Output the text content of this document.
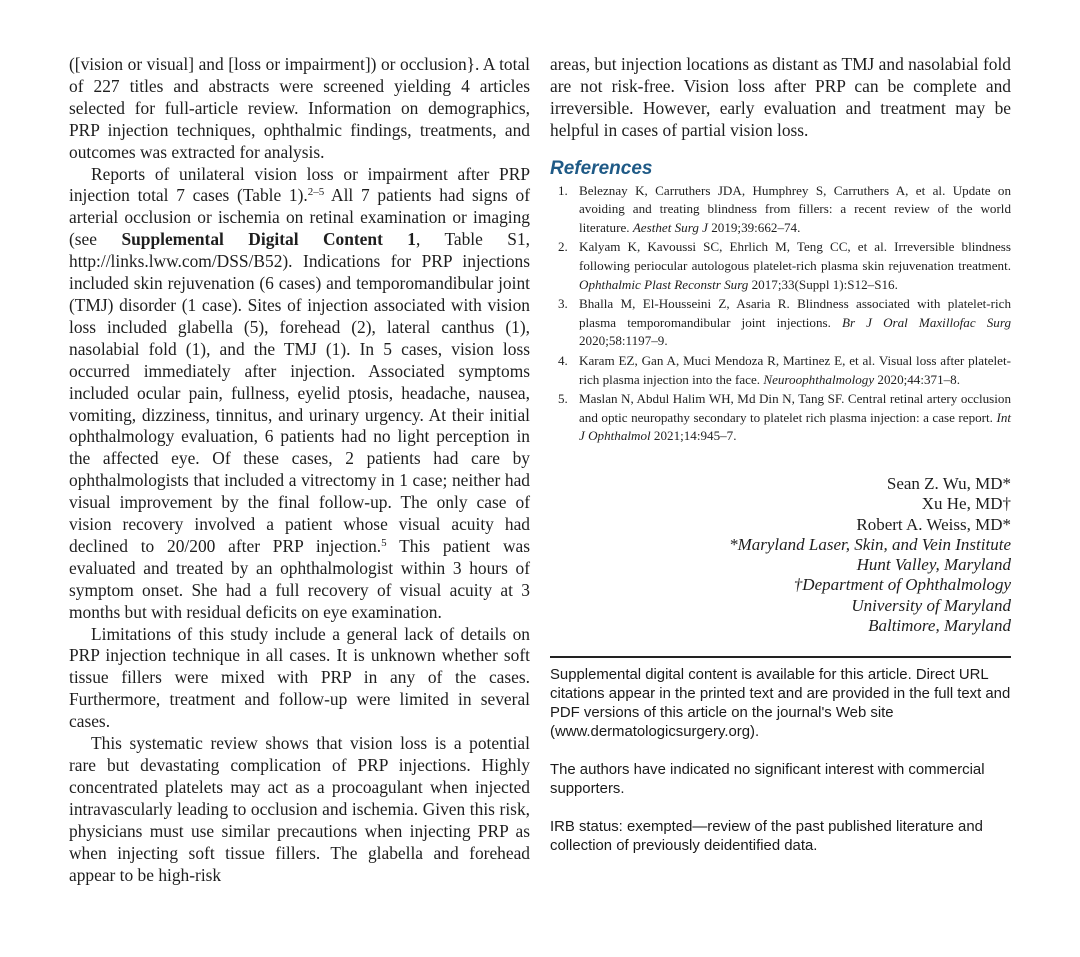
([vision or visual] and [loss or impairment]) or occlusion}. A total of 227 titles and abstracts were screened yielding 4 articles selected for full-article review. Information on demographics, PRP injection techniques, ophthalmic findings, treatments, and outcomes was extracted for analysis.

Reports of unilateral vision loss or impairment after PRP injection total 7 cases (Table 1).$^{2-5}$ All 7 patients had signs of arterial occlusion or ischemia on retinal examination or imaging (see Supplemental Digital Content 1, Table S1, http://links.lww.com/DSS/B52). Indications for PRP injections included skin rejuvenation (6 cases) and temporomandibular joint (TMJ) disorder (1 case). Sites of injection associated with vision loss included glabella (5), forehead (2), lateral canthus (1), nasolabial fold (1), and the TMJ (1). In 5 cases, vision loss occurred immediately after injection. Associated symptoms included ocular pain, fullness, eyelid ptosis, headache, nausea, vomiting, dizziness, tinnitus, and urinary urgency. At their initial ophthalmology evaluation, 6 patients had no light perception in the affected eye. Of these cases, 2 patients had care by ophthalmologists that included a vitrectomy in 1 case; neither had visual improvement by the final follow-up. The only case of vision recovery involved a patient whose visual acuity had declined to 20/200 after PRP injection.$^5$ This patient was evaluated and treated by an ophthalmologist within 3 hours of symptom onset. She had a full recovery of visual acuity at 3 months but with residual deficits on eye examination.

Limitations of this study include a general lack of details on PRP injection technique in all cases. It is unknown whether soft tissue fillers were mixed with PRP in any of the cases. Furthermore, treatment and follow-up were limited in several cases.

This systematic review shows that vision loss is a potential rare but devastating complication of PRP injections. Highly concentrated platelets may act as a procoagulant when injected intravascularly leading to occlusion and ischemia. Given this risk, physicians must use similar precautions when injecting PRP as when injecting soft tissue fillers. The glabella and forehead appear to be high-risk

areas, but injection locations as distant as TMJ and nasolabial fold are not risk-free. Vision loss after PRP can be complete and irreversible. However, early evaluation and treatment may be helpful in cases of partial vision loss.

References
1. Beleznay K, Carruthers JDA, Humphrey S, Carruthers A, et al. Update on avoiding and treating blindness from fillers: a recent review of the world literature. Aesthet Surg J 2019;39:662–74.
2. Kalyam K, Kavoussi SC, Ehrlich M, Teng CC, et al. Irreversible blindness following periocular autologous platelet-rich plasma skin rejuvenation treatment. Ophthalmic Plast Reconstr Surg 2017;33(Suppl 1):S12–S16.
3. Bhalla M, El-Housseini Z, Asaria R. Blindness associated with platelet-rich plasma temporomandibular joint injections. Br J Oral Maxillofac Surg 2020;58:1197–9.
4. Karam EZ, Gan A, Muci Mendoza R, Martinez E, et al. Visual loss after platelet-rich plasma injection into the face. Neuroophthalmology 2020;44:371–8.
5. Maslan N, Abdul Halim WH, Md Din N, Tang SF. Central retinal artery occlusion and optic neuropathy secondary to platelet rich plasma injection: a case report. Int J Ophthalmol 2021;14:945–7.
Sean Z. Wu, MD*
Xu He, MD†
Robert A. Weiss, MD*
*Maryland Laser, Skin, and Vein Institute
Hunt Valley, Maryland
†Department of Ophthalmology
University of Maryland
Baltimore, Maryland

Supplemental digital content is available for this article. Direct URL citations appear in the printed text and are provided in the full text and PDF versions of this article on the journal's Web site (www.dermatologicsurgery.org).

The authors have indicated no significant interest with commercial supporters.

IRB status: exempted—review of the past published literature and collection of previously deidentified data.
